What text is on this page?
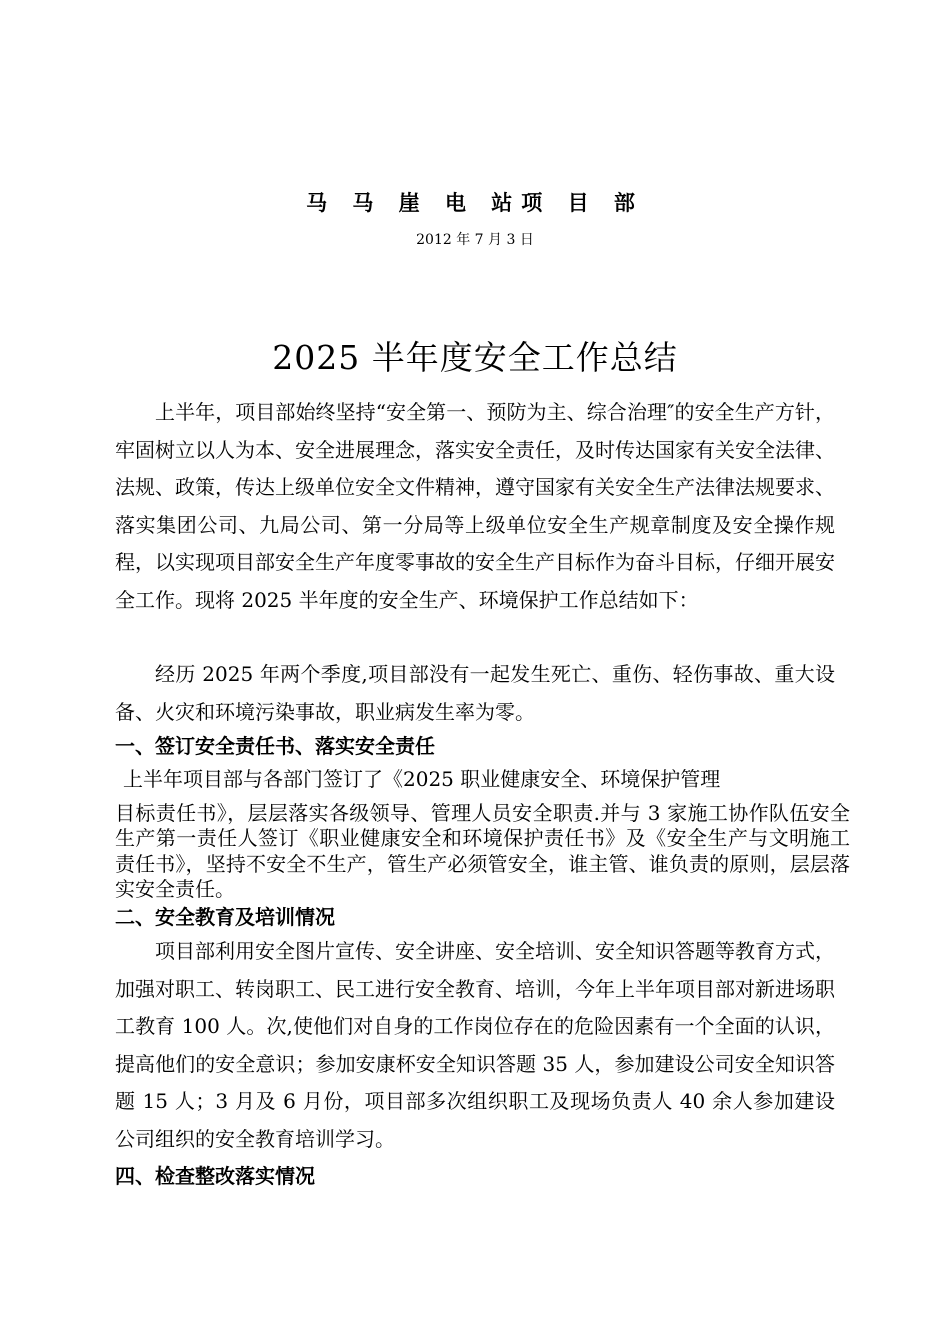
马 马 崖 电 站项 目 部
2012 年 7 月 3 日
2025 半年度安全工作总结

上半年，项目部始终坚持“安全第一、预防为主、综合治理″的安全生产方针，牢固树立以人为本、安全进展理念，落实安全责任，及时传达国家有关安全法律、法规、政策，传达上级单位安全文件精神，遵守国家有关安全生产法律法规要求、落实集团公司、九局公司、第一分局等上级单位安全生产规章制度及安全操作规程，以实现项目部安全生产年度零事故的安全生产目标作为奋斗目标，仔细开展安全工作。现将 2025 半年度的安全生产、环境保护工作总结如下：

经历 2025 年两个季度,项目部没有一起发生死亡、重伤、轻伤事故、重大设备、火灾和环境污染事故，职业病发生率为零。

一、签订安全责任书、落实安全责任
上半年项目部与各部门签订了《2025 职业健康安全、环境保护管理
目标责任书》，层层落实各级领导、管理人员安全职责.并与 3 家施工协作队伍安全生产第一责任人签订《职业健康安全和环境保护责任书》及《安全生产与文明施工责任书》，坚持不安全不生产，管生产必须管安全，谁主管、谁负责的原则，层层落实安全责任。
二、安全教育及培训情况

项目部利用安全图片宣传、安全讲座、安全培训、安全知识答题等教育方式，加强对职工、转岗职工、民工进行安全教育、培训，今年上半年项目部对新进场职工教育 100 人。次,使他们对自身的工作岗位存在的危险因素有一个全面的认识，提高他们的安全意识；参加安康杯安全知识答题 35 人，参加建设公司安全知识答题 15 人；3 月及 6 月份，项目部多次组织职工及现场负责人 40 余人参加建设公司组织的安全教育培训学习。

四、检查整改落实情况
